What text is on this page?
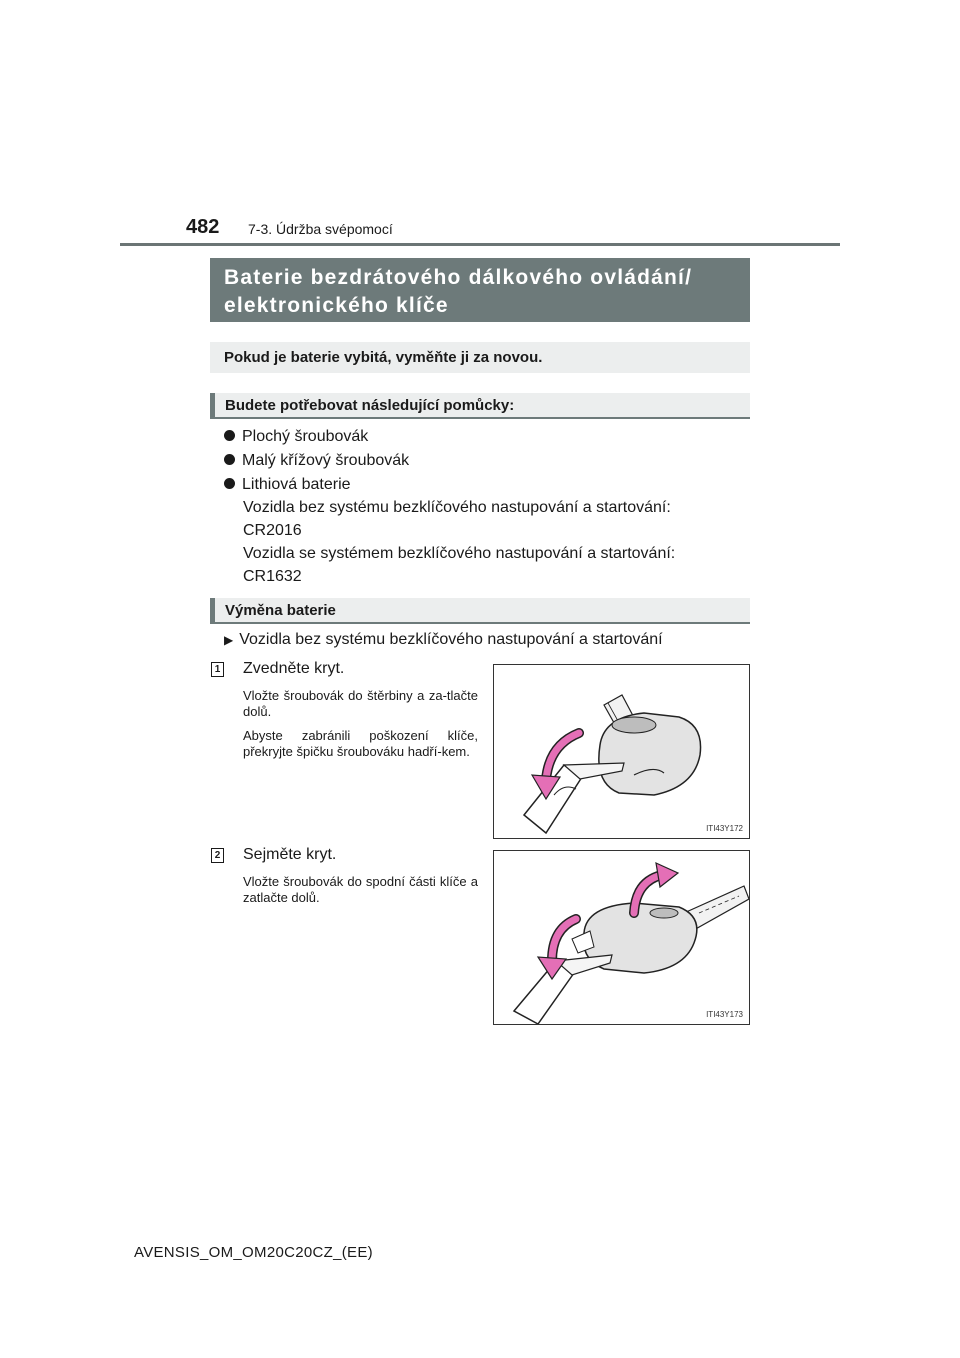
482 7-3. Údržba svépomocí
Baterie bezdrátového dálkového ovládání/
elektronického klíče
Pokud je baterie vybitá, vyměňte ji za novou.
Budete potřebovat následující pomůcky:
Plochý šroubovák
Malý křížový šroubovák
Lithiová baterie
Vozidla bez systému bezklíčového nastupování a startování:
CR2016
Vozidla se systémem bezklíčového nastupování a startování:
CR1632
Výměna baterie
▶ Vozidla bez systému bezklíčového nastupování a startování
1 Zvedněte kryt.

Vložte šroubovák do štěrbiny a za-tlačte dolů.

Abyste zabránili poškození klíče, překryjte špičku šroubováku hadří-kem.

ITI43Y172
2 Sejměte kryt.

Vložte šroubovák do spodní části klíče a zatlačte dolů.

ITI43Y173
AVENSIS_OM_OM20C20CZ_(EE)
